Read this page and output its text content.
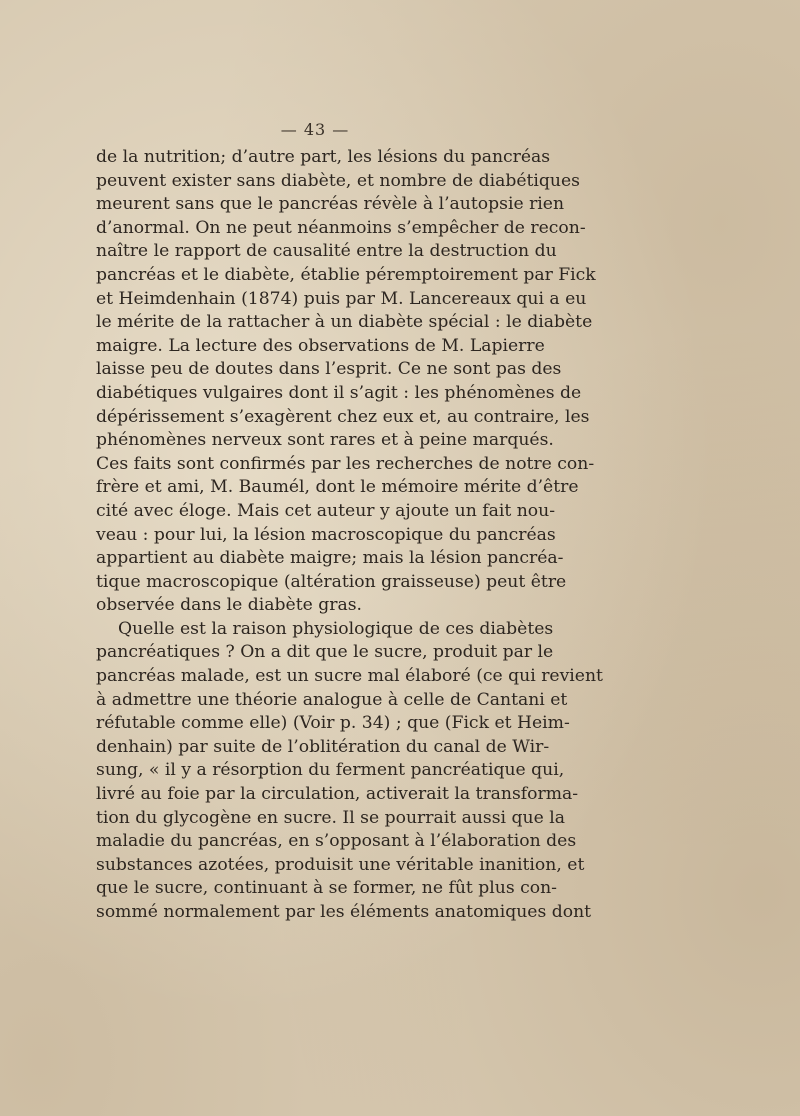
— 43 —
de la nutrition; d’autre part, les lésions du pancréas
peuvent exister sans diabète, et nombre de diabétiques
meurent sans que le pancréas révèle à l’autopsie rien
d’anormal. On ne peut néanmoins s’empêcher de recon-
naître le rapport de causalité entre la destruction du
pancréas et le diabète, établie péremptoirement par Fick
et Heimdenhain (1874) puis par M. Lancereaux qui a eu
le mérite de la rattacher à un diabète spécial : le diabète
maigre. La lecture des observations de M. Lapierre
laisse peu de doutes dans l’esprit. Ce ne sont pas des
diabétiques vulgaires dont il s’agit : les phénomènes de
dépérissement s’exagèrent chez eux et, au contraire, les
phénomènes nerveux sont rares et à peine marqués.
Ces faits sont confirmés par les recherches de notre con-
frère et ami, M. Baumél, dont le mémoire mérite d’être
cité avec éloge. Mais cet auteur y ajoute un fait nou-
veau : pour lui, la lésion macroscopique du pancréas
appartient au diabète maigre; mais la lésion pancréa-
tique macroscopique (altération graisseuse) peut être
observée dans le diabète gras.
Quelle est la raison physiologique de ces diabètes
pancréatiques ? On a dit que le sucre, produit par le
pancréas malade, est un sucre mal élaboré (ce qui revient
à admettre une théorie analogue à celle de Cantani et
réfutable comme elle) (Voir p. 34) ; que (Fick et Heim-
denhain) par suite de l’oblitération du canal de Wir-
sung, « il y a résorption du ferment pancréatique qui,
livré au foie par la circulation, activerait la transforma-
tion du glycogène en sucre. Il se pourrait aussi que la
maladie du pancréas, en s’opposant à l’élaboration des
substances azotées, produisit une véritable inanition, et
que le sucre, continuant à se former, ne fût plus con-
sommé normalement par les éléments anatomiques dont
